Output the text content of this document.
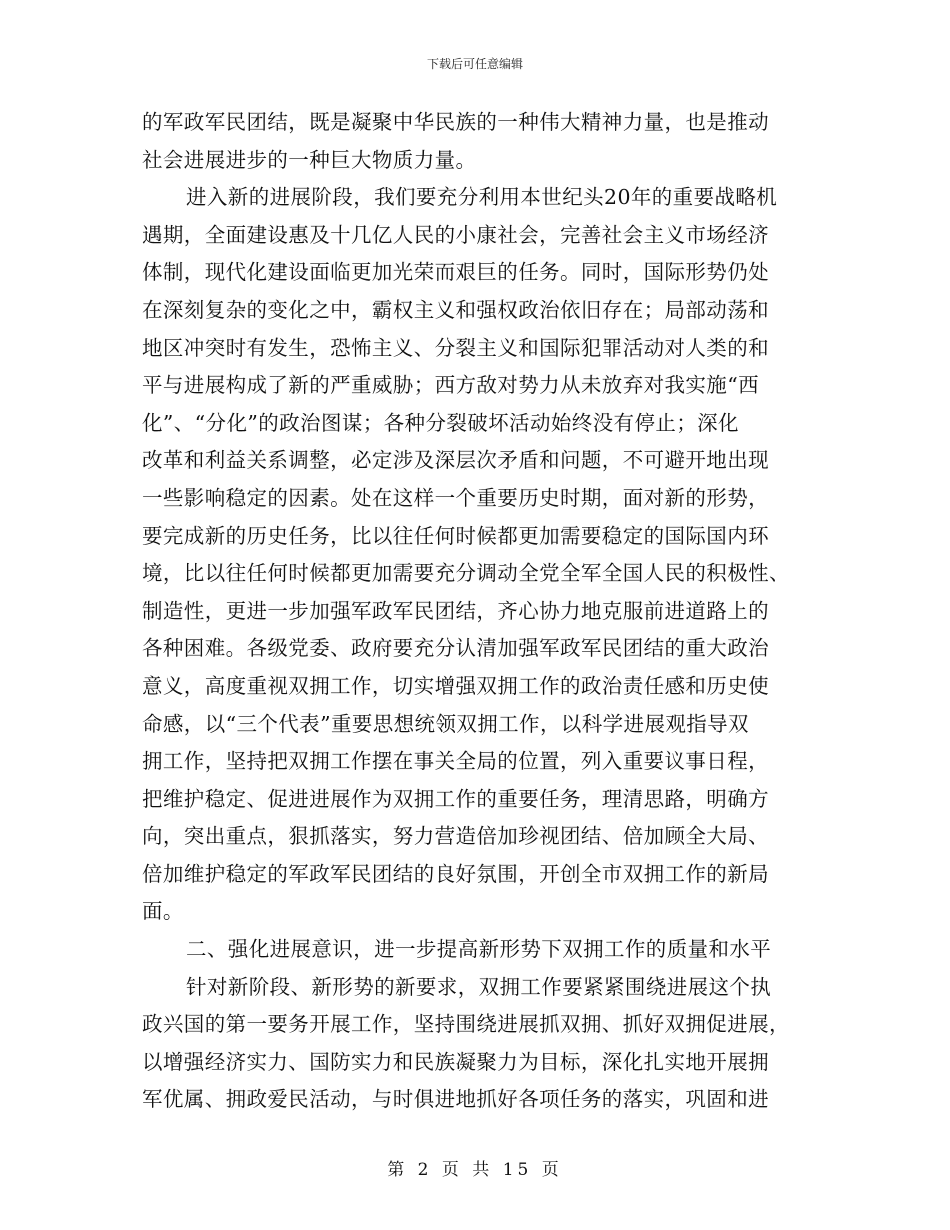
下载后可任意编辑
的军政军民团结，既是凝聚中华民族的一种伟大精神力量，也是推动
社会进展进步的一种巨大物质力量。
进入新的进展阶段，我们要充分利用本世纪头20年的重要战略机
遇期，全面建设惠及十几亿人民的小康社会，完善社会主义市场经济
体制，现代化建设面临更加光荣而艰巨的任务。同时，国际形势仍处
在深刻复杂的变化之中，霸权主义和强权政治依旧存在；局部动荡和
地区冲突时有发生，恐怖主义、分裂主义和国际犯罪活动对人类的和
平与进展构成了新的严重威胁；西方敌对势力从未放弃对我实施“西
化”、“分化”的政治图谋；各种分裂破坏活动始终没有停止；深化
改革和利益关系调整，必定涉及深层次矛盾和问题，不可避开地出现
一些影响稳定的因素。处在这样一个重要历史时期，面对新的形势，
要完成新的历史任务，比以往任何时候都更加需要稳定的国际国内环
境，比以往任何时候都更加需要充分调动全党全军全国人民的积极性、
制造性，更进一步加强军政军民团结，齐心协力地克服前进道路上的
各种困难。各级党委、政府要充分认清加强军政军民团结的重大政治
意义，高度重视双拥工作，切实增强双拥工作的政治责任感和历史使
命感，以“三个代表”重要思想统领双拥工作，以科学进展观指导双
拥工作，坚持把双拥工作摆在事关全局的位置，列入重要议事日程，
把维护稳定、促进进展作为双拥工作的重要任务，理清思路，明确方
向，突出重点，狠抓落实，努力营造倍加珍视团结、倍加顾全大局、
倍加维护稳定的军政军民团结的良好氛围，开创全市双拥工作的新局
面。
二、强化进展意识，进一步提高新形势下双拥工作的质量和水平
针对新阶段、新形势的新要求，双拥工作要紧紧围绕进展这个执
政兴国的第一要务开展工作，坚持围绕进展抓双拥、抓好双拥促进展，
以增强经济实力、国防实力和民族凝聚力为目标，深化扎实地开展拥
军优属、拥政爱民活动，与时俱进地抓好各项任务的落实，巩固和进
第 2 页 共 15 页
